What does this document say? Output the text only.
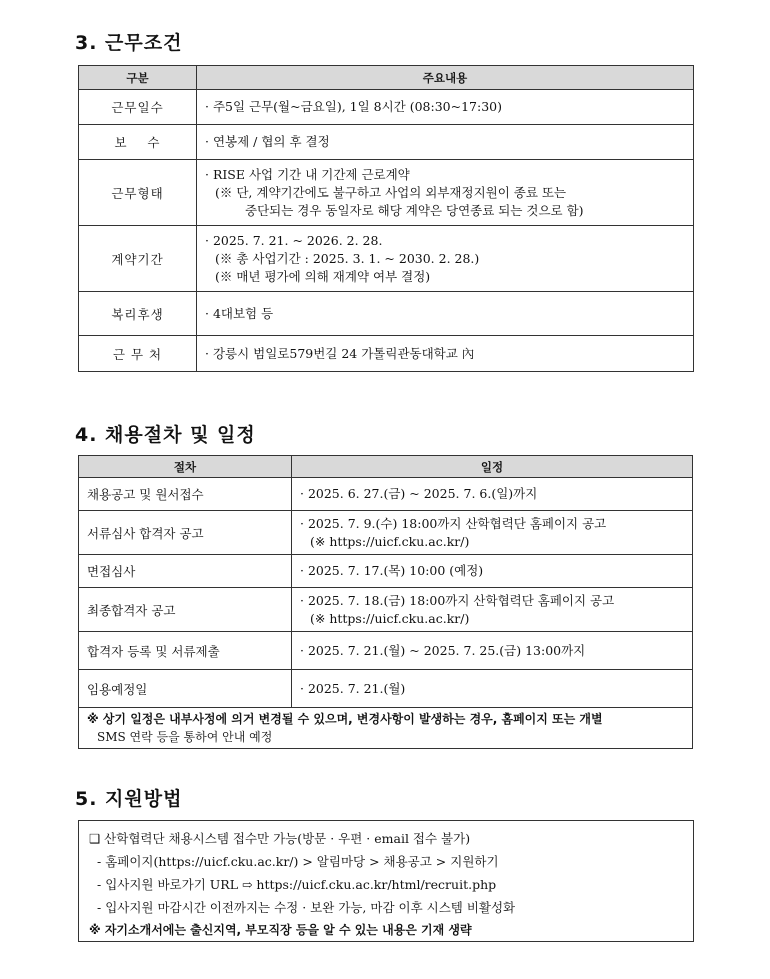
3. 근무조건
구분	주요내용
근무일수	· 주5일 근무(월~금요일), 1일 8시간 (08:30~17:30)

보    수	· 연봉제 / 협의 후 결정

근무형태	· RISE 사업 기간 내 기간제 근로계약
(※ 단, 계약기간에도 불구하고 사업의 외부재정지원이 종료 또는
중단되는 경우 동일자로 해당 계약은 당연종료 되는 것으로 함)

계약기간	· 2025. 7. 21. ~ 2026. 2. 28.
(※ 총 사업기간 : 2025. 3. 1. ~ 2030. 2. 28.)
(※ 매년 평가에 의해 재계약 여부 결정)

복리후생	· 4대보험 등

근 무 처	· 강릉시 범일로579번길 24 가톨릭관동대학교 內
4. 채용절차 및 일정
절차	일정
채용공고 및 원서접수	· 2025. 6. 27.(금) ~ 2025. 7. 6.(일)까지

서류심사 합격자 공고	· 2025. 7. 9.(수) 18:00까지 산학협력단 홈페이지 공고
(※ https://uicf.cku.ac.kr/)

면접심사	· 2025. 7. 17.(목) 10:00 (예정)

최종합격자 공고	· 2025. 7. 18.(금) 18:00까지 산학협력단 홈페이지 공고
(※ https://uicf.cku.ac.kr/)

합격자 등록 및 서류제출	· 2025. 7. 21.(월) ~ 2025. 7. 25.(금) 13:00까지

임용예정일	· 2025. 7. 21.(월)

※ 상기 일정은 내부사정에 의거 변경될 수 있으며, 변경사항이 발생하는 경우, 홈페이지 또는 개별
SMS 연락 등을 통하여 안내 예정	
5. 지원방법
❑ 산학협력단 채용시스템 접수만 가능(방문 · 우편 · email 접수 불가)
- 홈페이지(https://uicf.cku.ac.kr/) > 알림마당 > 채용공고 > 지원하기
- 입사지원 바로가기 URL ⇨ https://uicf.cku.ac.kr/html/recruit.php
- 입사지원 마감시간 이전까지는 수정 · 보완 가능, 마감 이후 시스템 비활성화
※ 자기소개서에는 출신지역, 부모직장 등을 알 수 있는 내용은 기재 생략
